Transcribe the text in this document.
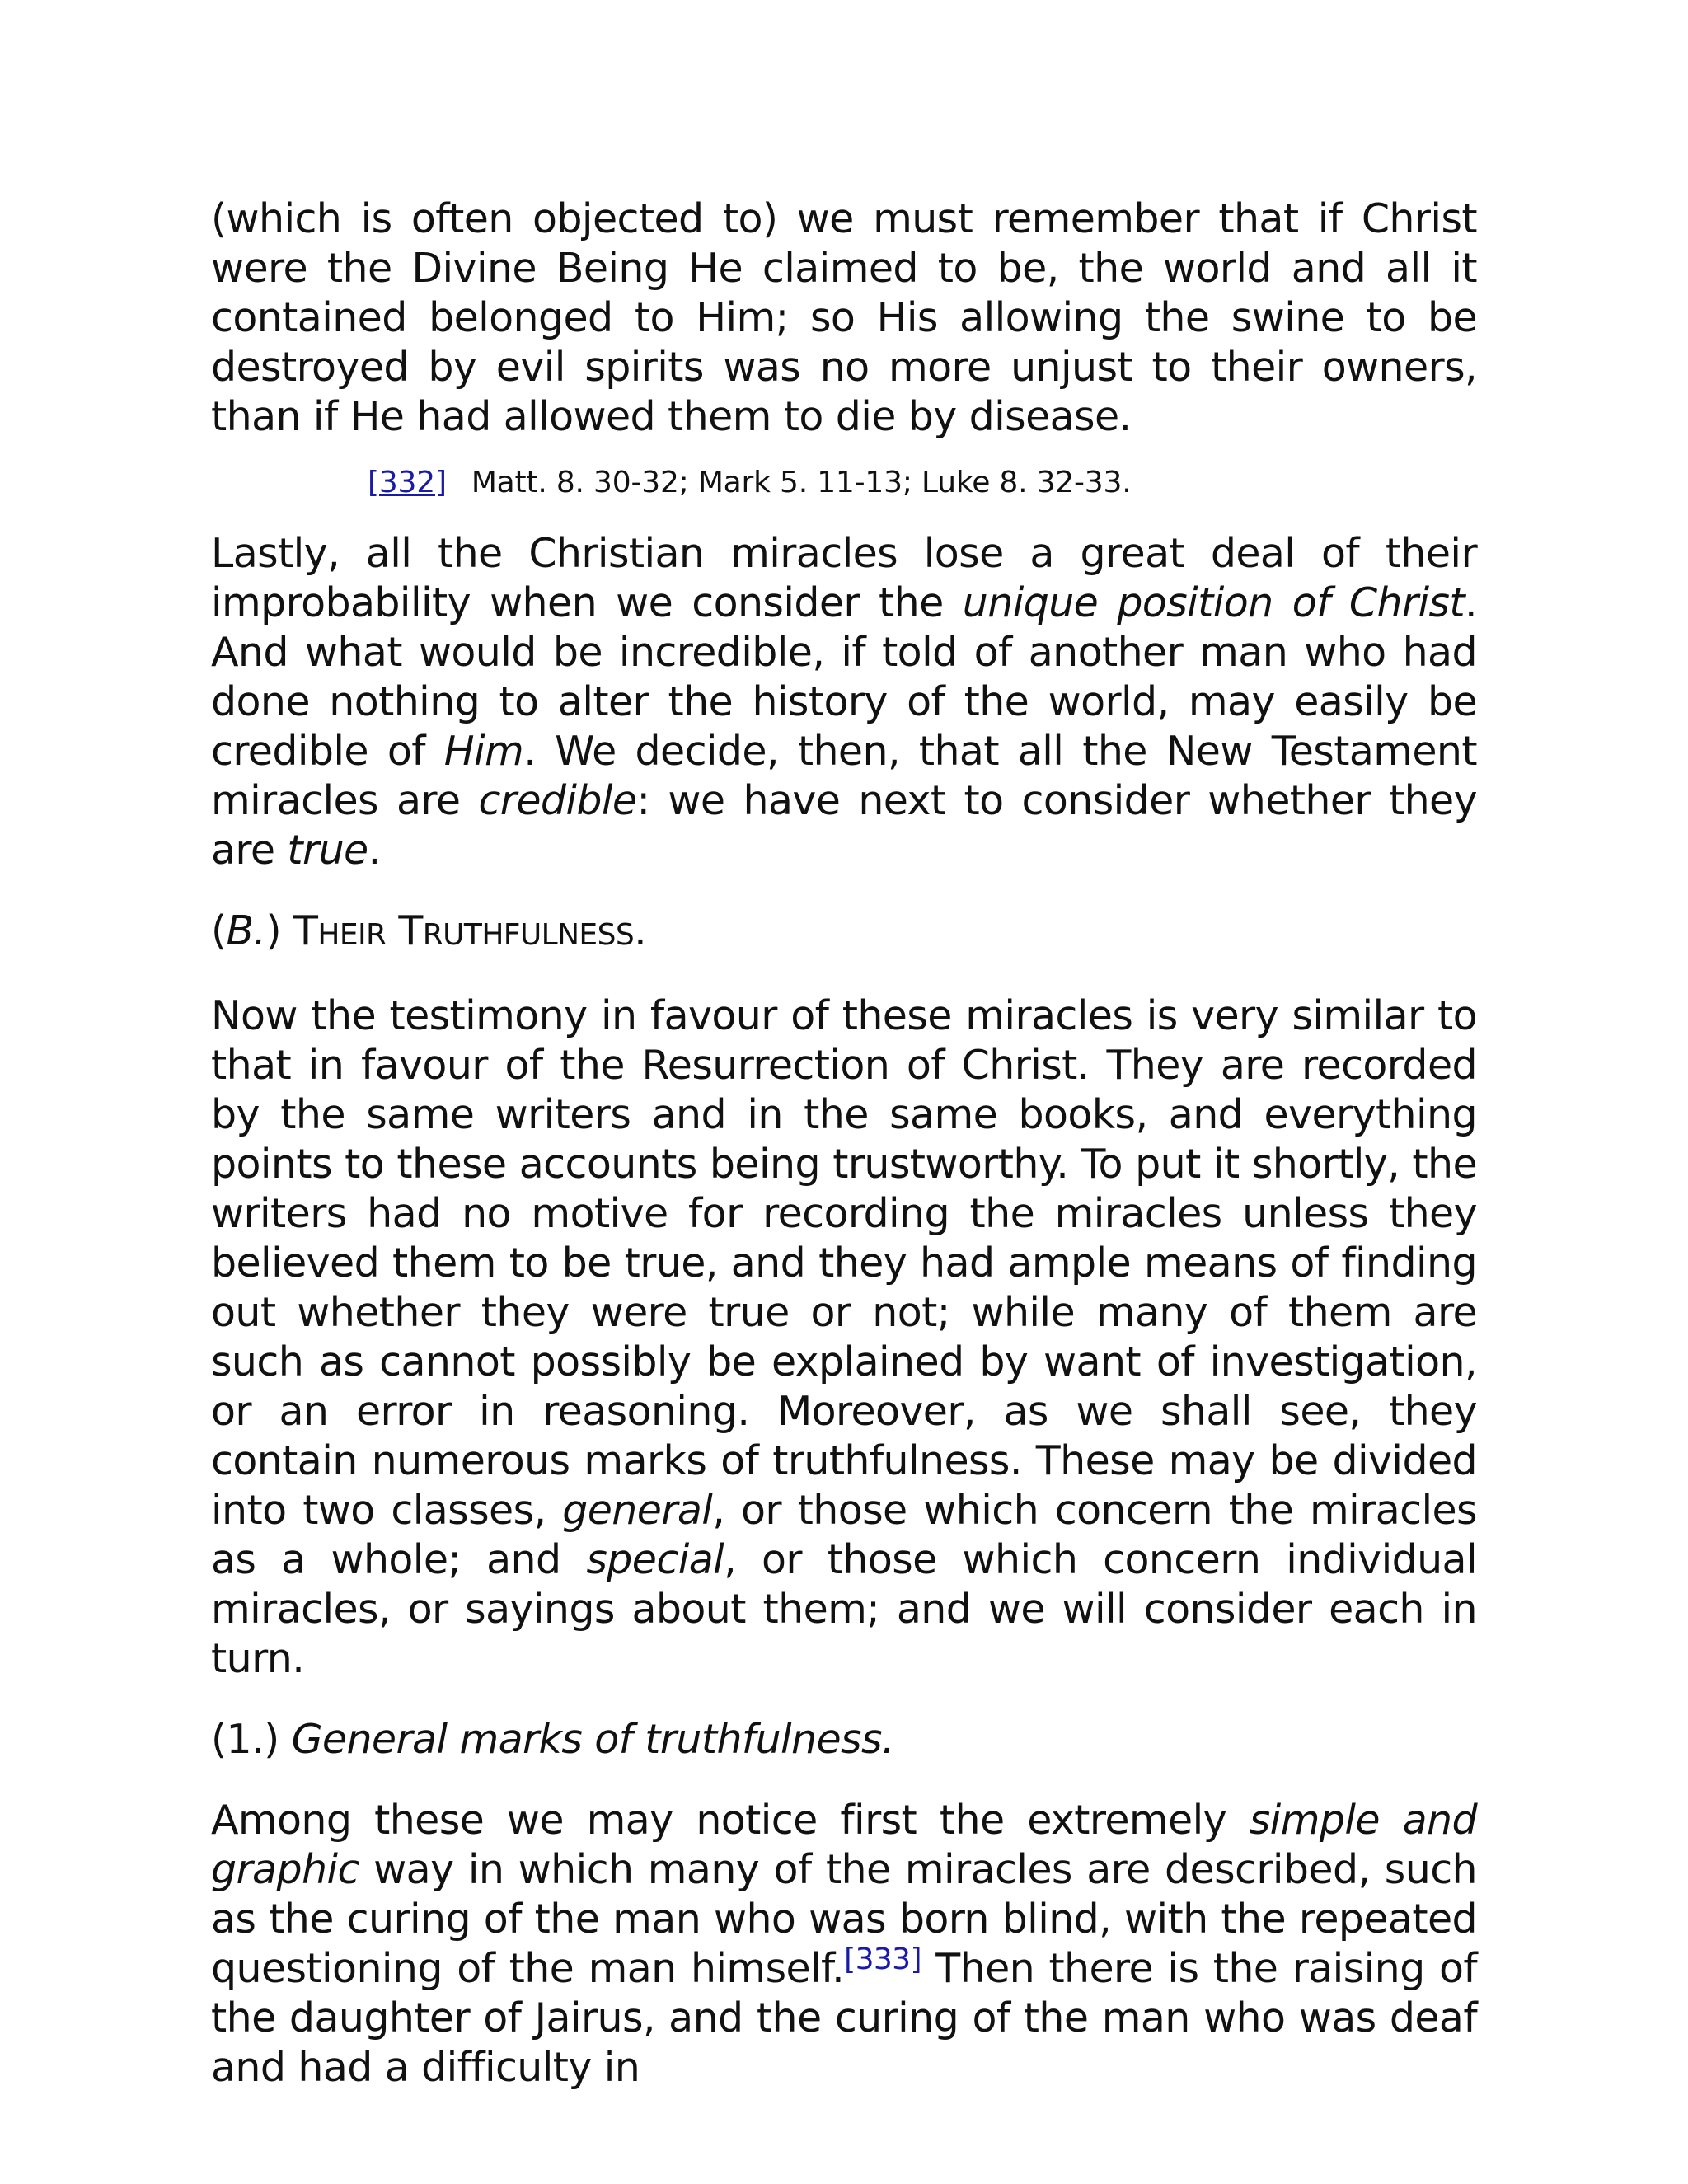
(which is often objected to) we must remember that if Christ were the Divine Being He claimed to be, the world and all it contained belonged to Him; so His allowing the swine to be destroyed by evil spirits was no more unjust to their owners, than if He had allowed them to die by disease.

[332] Matt. 8. 30-32; Mark 5. 11-13; Luke 8. 32-33.

Lastly, all the Christian miracles lose a great deal of their improbability when we consider the unique position of Christ. And what would be incredible, if told of another man who had done nothing to alter the history of the world, may easily be credible of Him. We decide, then, that all the New Testament miracles are credible: we have next to consider whether they are true.

(B.) THEIR TRUTHFULNESS.

Now the testimony in favour of these miracles is very similar to that in favour of the Resurrection of Christ. They are recorded by the same writers and in the same books, and everything points to these accounts being trustworthy. To put it shortly, the writers had no motive for recording the miracles unless they believed them to be true, and they had ample means of finding out whether they were true or not; while many of them are such as cannot possibly be explained by want of investigation, or an error in reasoning. Moreover, as we shall see, they contain numerous marks of truthfulness. These may be divided into two classes, general, or those which concern the miracles as a whole; and special, or those which concern individual miracles, or sayings about them; and we will consider each in turn.

(1.) General marks of truthfulness.

Among these we may notice first the extremely simple and graphic way in which many of the miracles are described, such as the curing of the man who was born blind, with the repeated questioning of the man himself.[333] Then there is the raising of the daughter of Jairus, and the curing of the man who was deaf and had a difficulty in
